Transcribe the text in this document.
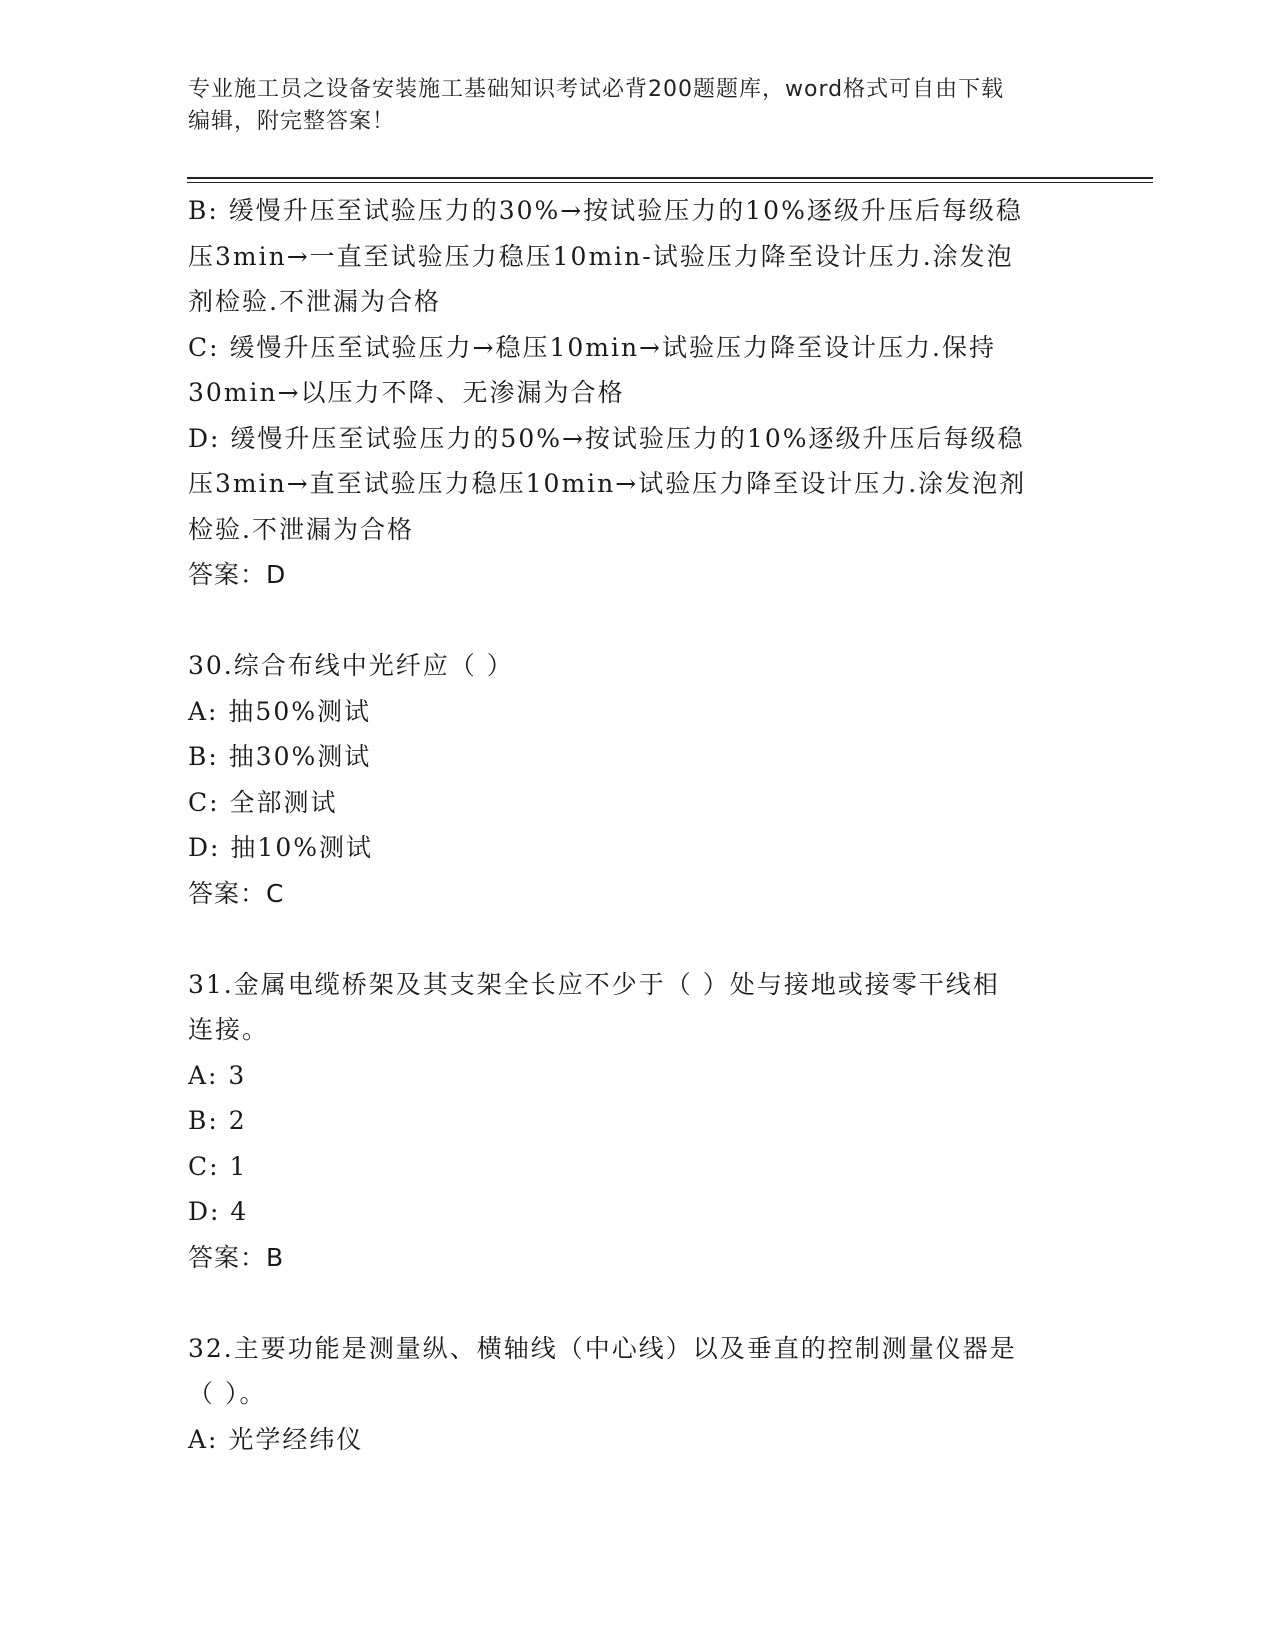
专业施工员之设备安装施工基础知识考试必背200题题库，word格式可自由下载
编辑，附完整答案！
B: 缓慢升压至试验压力的30%→按试验压力的10%逐级升压后每级稳
压3min→一直至试验压力稳压10min-试验压力降至设计压力.涂发泡
剂检验.不泄漏为合格
C: 缓慢升压至试验压力→稳压10min→试验压力降至设计压力.保持
30min→以压力不降、无渗漏为合格
D: 缓慢升压至试验压力的50%→按试验压力的10%逐级升压后每级稳
压3min→直至试验压力稳压10min→试验压力降至设计压力.涂发泡剂
检验.不泄漏为合格
答案：D
30.综合布线中光纤应（ ）
A: 抽50%测试
B: 抽30%测试
C: 全部测试
D: 抽10%测试
答案：C
31.金属电缆桥架及其支架全长应不少于（ ）处与接地或接零干线相
连接。
A: 3
B: 2
C: 1
D: 4
答案：B
32.主要功能是测量纵、横轴线（中心线）以及垂直的控制测量仪器是
（ ）。
A: 光学经纬仪
